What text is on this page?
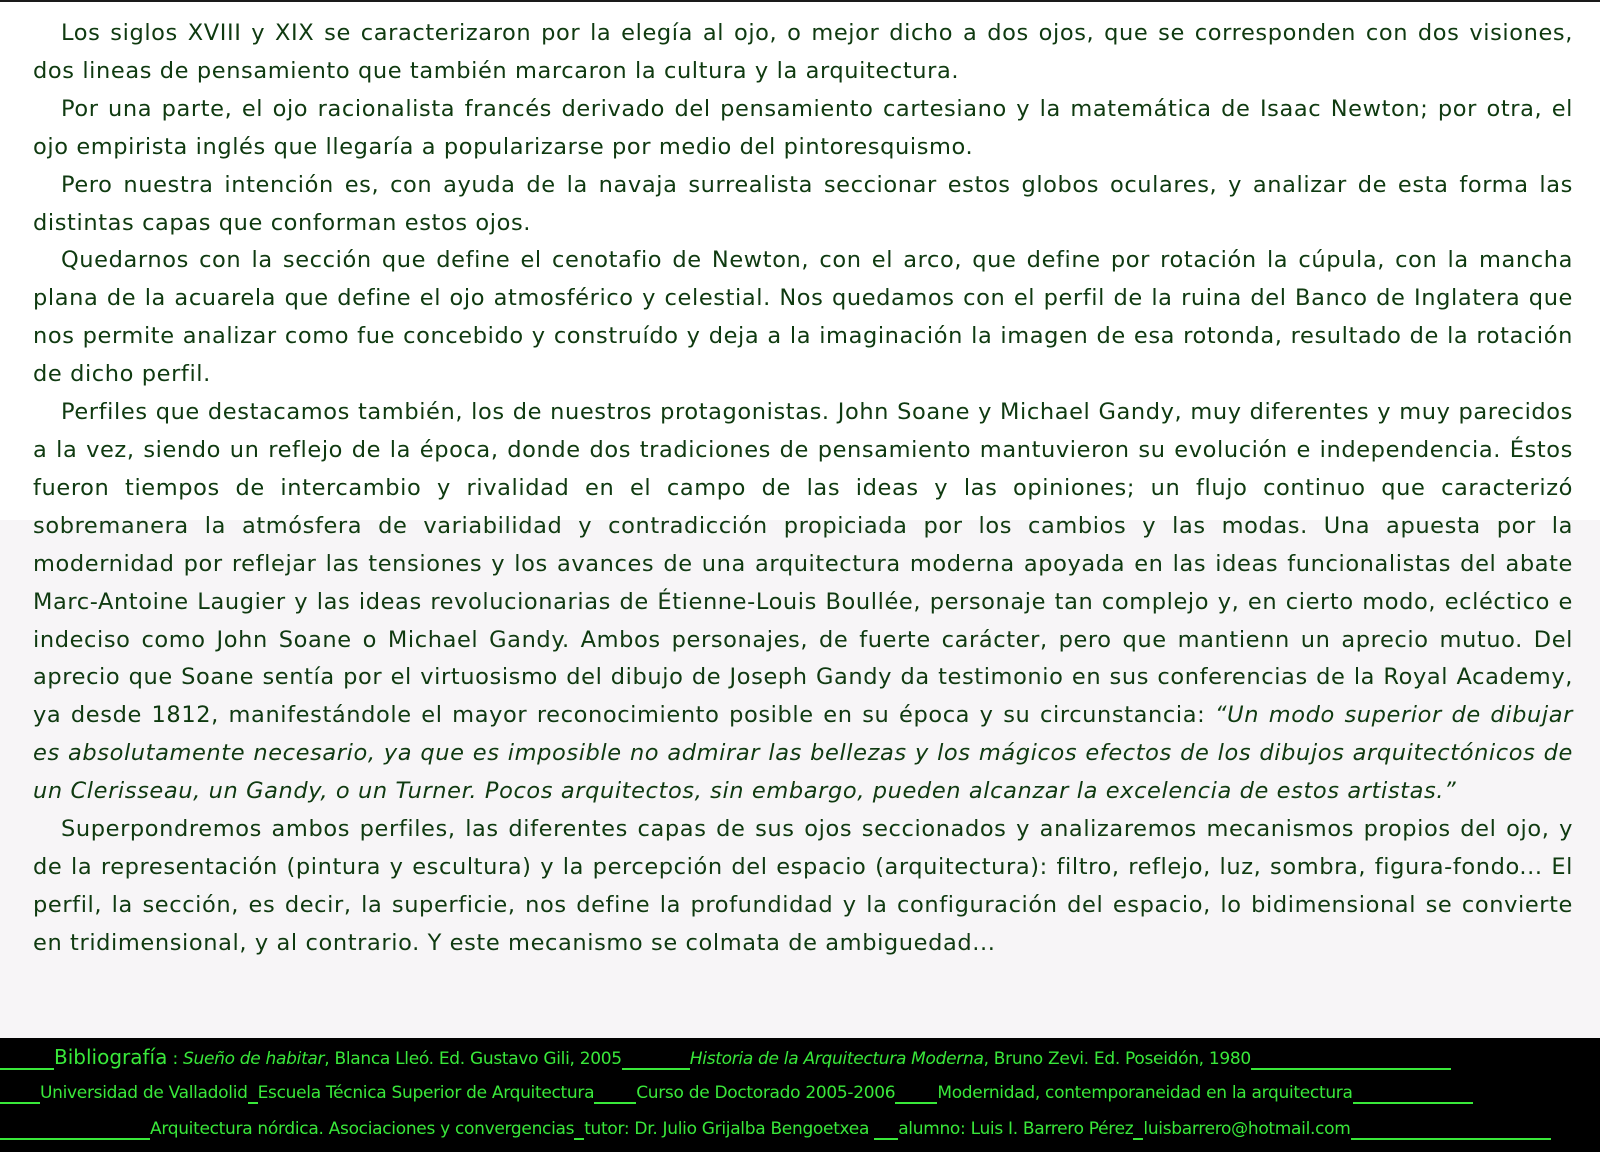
Los siglos XVIII y XIX se caracterizaron por la elegía al ojo, o mejor dicho a dos ojos, que se corresponden con dos visiones, dos lineas de pensamiento que también marcaron la cultura y la arquitectura.

Por una parte, el ojo racionalista francés derivado del pensamiento cartesiano y la matemática de Isaac Newton; por otra, el ojo empirista inglés que llegaría a popularizarse por medio del pintoresquismo.

Pero nuestra intención es, con ayuda de la navaja surrealista seccionar estos globos oculares, y analizar de esta forma las distintas capas que conforman estos ojos.

Quedarnos con la sección que define el cenotafio de Newton, con el arco, que define por rotación la cúpula, con la mancha plana de la acuarela que define el ojo atmosférico y celestial. Nos quedamos con el perfil de la ruina del Banco de Inglatera que nos permite analizar como fue concebido y construído y deja a la imaginación la imagen de esa rotonda, resultado de la rotación de dicho perfil.

Perfiles que destacamos también, los de nuestros protagonistas. John Soane y Michael Gandy, muy diferentes y muy parecidos a la vez, siendo un reflejo de la época, donde dos tradiciones de pensamiento mantuvieron su evolución e independencia. Éstos fueron tiempos de intercambio y rivalidad en el campo de las ideas y las opiniones; un flujo continuo que caracterizó sobremanera la atmósfera de variabilidad y contradicción propiciada por los cambios y las modas. Una apuesta por la modernidad por reflejar las tensiones y los avances de una arquitectura moderna apoyada en las ideas funcionalistas del abate Marc-Antoine Laugier y las ideas revolucionarias de Étienne-Louis Boullée, personaje tan complejo y, en cierto modo, ecléctico e indeciso como John Soane o Michael Gandy. Ambos personajes, de fuerte carácter, pero que mantienn un aprecio mutuo. Del aprecio que Soane sentía por el virtuosismo del dibujo de Joseph Gandy da testimonio en sus conferencias de la Royal Academy, ya desde 1812, manifestándole el mayor reconocimiento posible en su época y su circunstancia: “Un modo superior de dibujar es absolutamente necesario, ya que es imposible no admirar las bellezas y los mágicos efectos de los dibujos arquitectónicos de un Clerisseau, un Gandy, o un Turner. Pocos arquitectos, sin embargo, pueden alcanzar la excelencia de estos artistas.”

Superpondremos ambos perfiles, las diferentes capas de sus ojos seccionados y analizaremos mecanismos propios del ojo, y de la representación (pintura y escultura) y la percepción del espacio (arquitectura): filtro, reflejo, luz, sombra, figura-fondo... El perfil, la sección, es decir, la superficie, nos define la profundidad y la configuración del espacio, lo bidimensional se convierte en tridimensional, y al contrario. Y este mecanismo se colmata de ambiguedad...

Bibliografía : Sueño de habitar, Blanca Lleó. Ed. Gustavo Gili, 2005	Historia de la Arquitectura Moderna, Bruno Zevi. Ed. Poseidón, 1980
Universidad de Valladolid Escuela Técnica Superior de Arquitectura Curso de Doctorado 2005-2006 Modernidad, contemporaneidad en la arquitectura
Arquitectura nórdica. Asociaciones y convergencias tutor: Dr. Julio Grijalba Bengoetxea alumno: Luis I. Barrero Pérez luisbarrero@hotmail.com
